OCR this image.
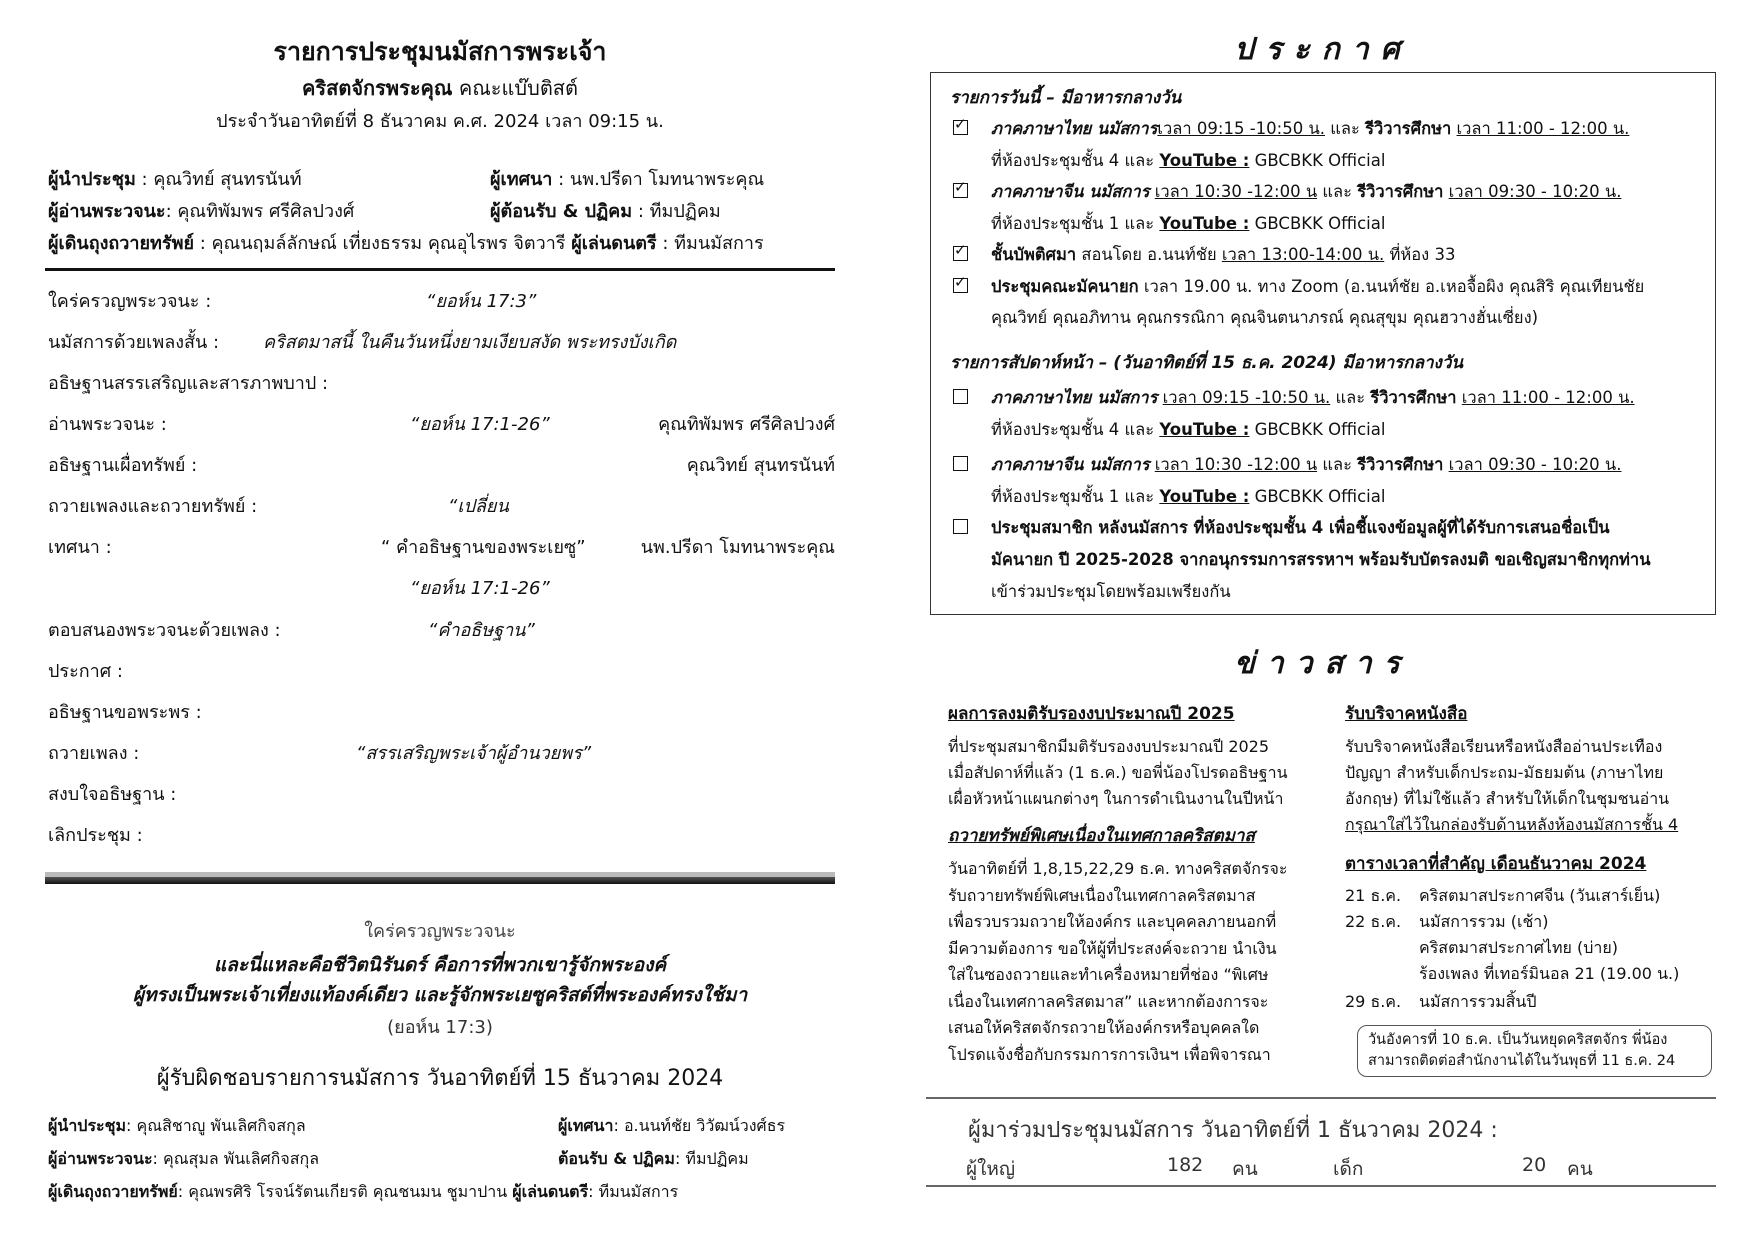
รายการประชุมนมัสการพระเจ้า
คริสตจักรพระคุณ คณะแบ๊บติสต์
ประจำวันอาทิตย์ที่ 8 ธันวาคม ค.ศ. 2024 เวลา 09:15 น.
ผู้นำประชุม : คุณวิทย์ สุนทรนันท์	ผู้เทศนา : นพ.ปรีดา โมทนาพระคุณ
ผู้อ่านพระวจนะ: คุณทิพัมพร ศรีศิลปวงศ์	ผู้ต้อนรับ & ปฏิคม : ทีมปฏิคม
ผู้เดินถุงถวายทรัพย์ : คุณนฤมล์ลักษณ์ เที่ยงธรรม คุณอุไรพร จิตวารี ผู้เล่นดนตรี : ทีมนมัสการ
ใคร่ครวญพระวจนะ :	“ยอห์น 17:3”
นมัสการด้วยเพลงสั้น : คริสตมาสนี้ ในคืนวันหนึ่งยามเงียบสงัด พระทรงบังเกิด
อธิษฐานสรรเสริญและสารภาพบาป :
อ่านพระวจนะ :	“ยอห์น 17:1-26”	คุณทิพัมพร ศรีศิลปวงศ์
อธิษฐานเผื่อทรัพย์ :	คุณวิทย์ สุนทรนันท์
ถวายเพลงและถวายทรัพย์ :	“เปลี่ยน
เทศนา :	“ คำอธิษฐานของพระเยซู”	นพ.ปรีดา โมทนาพระคุณ
“ยอห์น 17:1-26”
ตอบสนองพระวจนะด้วยเพลง :	“คำอธิษฐาน”
ประกาศ :
อธิษฐานขอพระพร :
ถวายเพลง :	“สรรเสริญพระเจ้าผู้อำนวยพร”
สงบใจอธิษฐาน :
เลิกประชุม :
ใคร่ครวญพระวจนะ
และนี่แหละคือชีวิตนิรันดร์ คือการที่พวกเขารู้จักพระองค์
ผู้ทรงเป็นพระเจ้าเที่ยงแท้องค์เดียว และรู้จักพระเยซูคริสต์ที่พระองค์ทรงใช้มา
(ยอห์น 17:3)
ผู้รับผิดชอบรายการนมัสการ วันอาทิตย์ที่ 15 ธันวาคม 2024
ผู้นำประชุม: คุณสิชาญู พันเลิศกิจสกุล	ผู้เทศนา: อ.นนท์ชัย วิวัฒน์วงศ์ธร
ผู้อ่านพระวจนะ: คุณสุมล พันเลิศกิจสกุล	ต้อนรับ & ปฏิคม: ทีมปฏิคม
ผู้เดินถุงถวายทรัพย์: คุณพรศิริ โรจน์รัตนเกียรติ คุณชนมน ชูมาปาน ผู้เล่นดนตรี: ทีมนมัสการ
ประกาศ
รายการวันนี้ – มีอาหารกลางวัน
✓
ภาคภาษาไทย นมัสการเวลา 09:15 -10:50 น. และ รีวิวารศึกษา เวลา 11:00 - 12:00 น.
ที่ห้องประชุมชั้น 4 และ YouTube : GBCBKK Official
✓
ภาคภาษาจีน นมัสการ เวลา 10:30 -12:00 น และ รีวิวารศึกษา เวลา 09:30 - 10:20 น.
ที่ห้องประชุมชั้น 1 และ YouTube : GBCBKK Official
✓
ชั้นบัพติศมา สอนโดย อ.นนท์ชัย เวลา 13:00-14:00 น. ที่ห้อง 33
✓
ประชุมคณะมัคนายก เวลา 19.00 น. ทาง Zoom (อ.นนท์ชัย อ.เหอจื้อผิง คุณสิริ คุณเทียนชัย
คุณวิทย์ คุณอภิทาน คุณกรรณิกา คุณจินตนาภรณ์ คุณสุขุม คุณฮวางฮั่นเซี่ยง)
รายการสัปดาห์หน้า – (วันอาทิตย์ที่ 15 ธ.ค. 2024) มีอาหารกลางวัน
ภาคภาษาไทย นมัสการ เวลา 09:15 -10:50 น. และ รีวิวารศึกษา เวลา 11:00 - 12:00 น.
ที่ห้องประชุมชั้น 4 และ YouTube : GBCBKK Official
ภาคภาษาจีน นมัสการ เวลา 10:30 -12:00 น และ รีวิวารศึกษา เวลา 09:30 - 10:20 น.
ที่ห้องประชุมชั้น 1 และ YouTube : GBCBKK Official
ประชุมสมาชิก หลังนมัสการ ที่ห้องประชุมชั้น 4 เพื่อชี้แจงข้อมูลผู้ที่ได้รับการเสนอชื่อเป็น
มัคนายก ปี 2025-2028 จากอนุกรรมการสรรหาฯ พร้อมรับบัตรลงมติ ขอเชิญสมาชิกทุกท่าน
เข้าร่วมประชุมโดยพร้อมเพรียงกัน
ข่าวสาร
ผลการลงมติรับรองงบประมาณปี 2025
ที่ประชุมสมาชิกมีมติรับรองงบประมาณปี 2025
เมื่อสัปดาห์ที่แล้ว (1 ธ.ค.) ขอพี่น้องโปรดอธิษฐาน
เผื่อหัวหน้าแผนกต่างๆ ในการดำเนินงานในปีหน้า
ถวายทรัพย์พิเศษเนื่องในเทศกาลคริสตมาส
วันอาทิตย์ที่ 1,8,15,22,29 ธ.ค. ทางคริสตจักรจะ
รับถวายทรัพย์พิเศษเนื่องในเทศกาลคริสตมาส
เพื่อรวบรวมถวายให้องค์กร และบุคคลภายนอกที่
มีความต้องการ ขอให้ผู้ที่ประสงค์จะถวาย นำเงิน
ใส่ในซองถวายและทำเครื่องหมายที่ช่อง “พิเศษ
เนื่องในเทศกาลคริสตมาส” และหากต้องการจะ
เสนอให้คริสตจักรถวายให้องค์กรหรือบุคคลใด
โปรดแจ้งชื่อกับกรรมการการเงินฯ เพื่อพิจารณา
รับบริจาคหนังสือ
รับบริจาคหนังสือเรียนหรือหนังสืออ่านประเทือง
ปัญญา สำหรับเด็กประถม-มัธยมต้น (ภาษาไทย
อังกฤษ) ที่ไม่ใช้แล้ว สำหรับให้เด็กในชุมชนอ่าน
กรุณาใส่ไว้ในกล่องรับด้านหลังห้องนมัสการชั้น 4
ตารางเวลาที่สำคัญ เดือนธันวาคม 2024
21 ธ.ค. คริสตมาสประกาศจีน (วันเสาร์เย็น)
22 ธ.ค. นมัสการรวม (เช้า)
คริสตมาสประกาศไทย (บ่าย)
ร้องเพลง ที่เทอร์มินอล 21 (19.00 น.)
29 ธ.ค. นมัสการรวมสิ้นปี
วันอังคารที่ 10 ธ.ค. เป็นวันหยุดคริสตจักร พี่น้อง
สามารถติดต่อสำนักงานได้ในวันพุธที่ 11 ธ.ค. 24
ผู้มาร่วมประชุมนมัสการ วันอาทิตย์ที่ 1 ธันวาคม 2024 :
ผู้ใหญ่	182 คน	เด็ก	20 คน
